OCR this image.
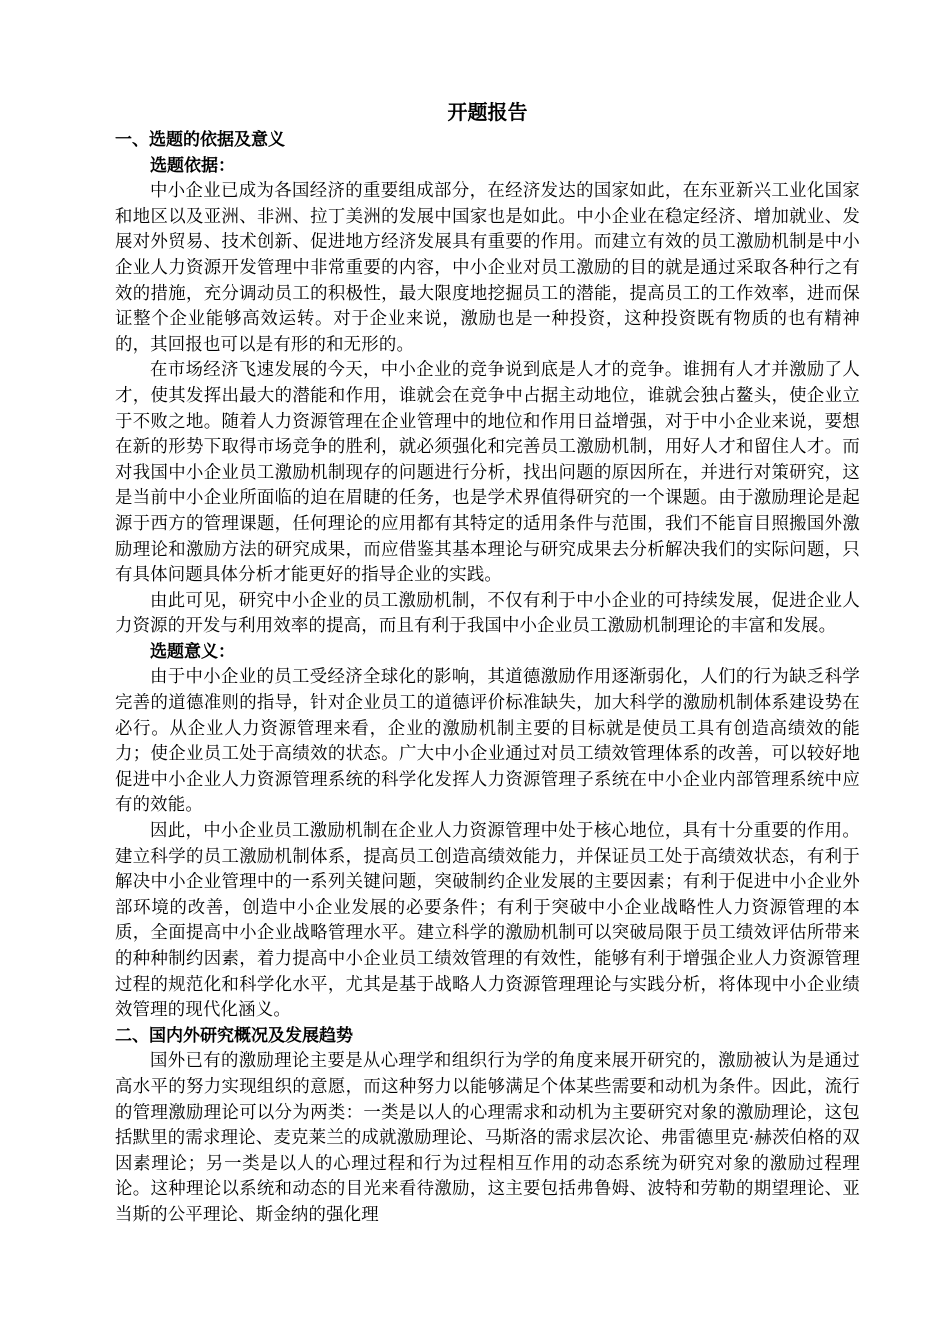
开题报告
一、选题的依据及意义
选题依据：

中小企业已成为各国经济的重要组成部分，在经济发达的国家如此，在东亚新兴工业化国家和地区以及亚洲、非洲、拉丁美洲的发展中国家也是如此。中小企业在稳定经济、增加就业、发展对外贸易、技术创新、促进地方经济发展具有重要的作用。而建立有效的员工激励机制是中小企业人力资源开发管理中非常重要的内容，中小企业对员工激励的目的就是通过采取各种行之有效的措施，充分调动员工的积极性，最大限度地挖掘员工的潜能，提高员工的工作效率，进而保证整个企业能够高效运转。对于企业来说，激励也是一种投资，这种投资既有物质的也有精神的，其回报也可以是有形的和无形的。

在市场经济飞速发展的今天，中小企业的竞争说到底是人才的竞争。谁拥有人才并激励了人才，使其发挥出最大的潜能和作用，谁就会在竞争中占据主动地位，谁就会独占鳌头，使企业立于不败之地。随着人力资源管理在企业管理中的地位和作用日益增强，对于中小企业来说，要想在新的形势下取得市场竞争的胜利，就必须强化和完善员工激励机制，用好人才和留住人才。而对我国中小企业员工激励机制现存的问题进行分析，找出问题的原因所在，并进行对策研究，这是当前中小企业所面临的迫在眉睫的任务，也是学术界值得研究的一个课题。由于激励理论是起源于西方的管理课题，任何理论的应用都有其特定的适用条件与范围，我们不能盲目照搬国外激励理论和激励方法的研究成果，而应借鉴其基本理论与研究成果去分析解决我们的实际问题，只有具体问题具体分析才能更好的指导企业的实践。

由此可见，研究中小企业的员工激励机制，不仅有利于中小企业的可持续发展，促进企业人力资源的开发与利用效率的提高，而且有利于我国中小企业员工激励机制理论的丰富和发展。

选题意义：

由于中小企业的员工受经济全球化的影响，其道德激励作用逐渐弱化，人们的行为缺乏科学完善的道德准则的指导，针对企业员工的道德评价标准缺失，加大科学的激励机制体系建设势在必行。从企业人力资源管理来看，企业的激励机制主要的目标就是使员工具有创造高绩效的能力；使企业员工处于高绩效的状态。广大中小企业通过对员工绩效管理体系的改善，可以较好地促进中小企业人力资源管理系统的科学化发挥人力资源管理子系统在中小企业内部管理系统中应有的效能。

因此，中小企业员工激励机制在企业人力资源管理中处于核心地位，具有十分重要的作用。建立科学的员工激励机制体系，提高员工创造高绩效能力，并保证员工处于高绩效状态，有利于解决中小企业管理中的一系列关键问题，突破制约企业发展的主要因素；有利于促进中小企业外部环境的改善，创造中小企业发展的必要条件；有利于突破中小企业战略性人力资源管理的本质，全面提高中小企业战略管理水平。建立科学的激励机制可以突破局限于员工绩效评估所带来的种种制约因素，着力提高中小企业员工绩效管理的有效性，能够有利于增强企业人力资源管理过程的规范化和科学化水平，尤其是基于战略人力资源管理理论与实践分析，将体现中小企业绩效管理的现代化涵义。

二、国内外研究概况及发展趋势

国外已有的激励理论主要是从心理学和组织行为学的角度来展开研究的，激励被认为是通过高水平的努力实现组织的意愿，而这种努力以能够满足个体某些需要和动机为条件。因此，流行的管理激励理论可以分为两类：一类是以人的心理需求和动机为主要研究对象的激励理论，这包括默里的需求理论、麦克莱兰的成就激励理论、马斯洛的需求层次论、弗雷德里克·赫茨伯格的双因素理论；另一类是以人的心理过程和行为过程相互作用的动态系统为研究对象的激励过程理论。这种理论以系统和动态的目光来看待激励，这主要包括弗鲁姆、波特和劳勒的期望理论、亚当斯的公平理论、斯金纳的强化理
